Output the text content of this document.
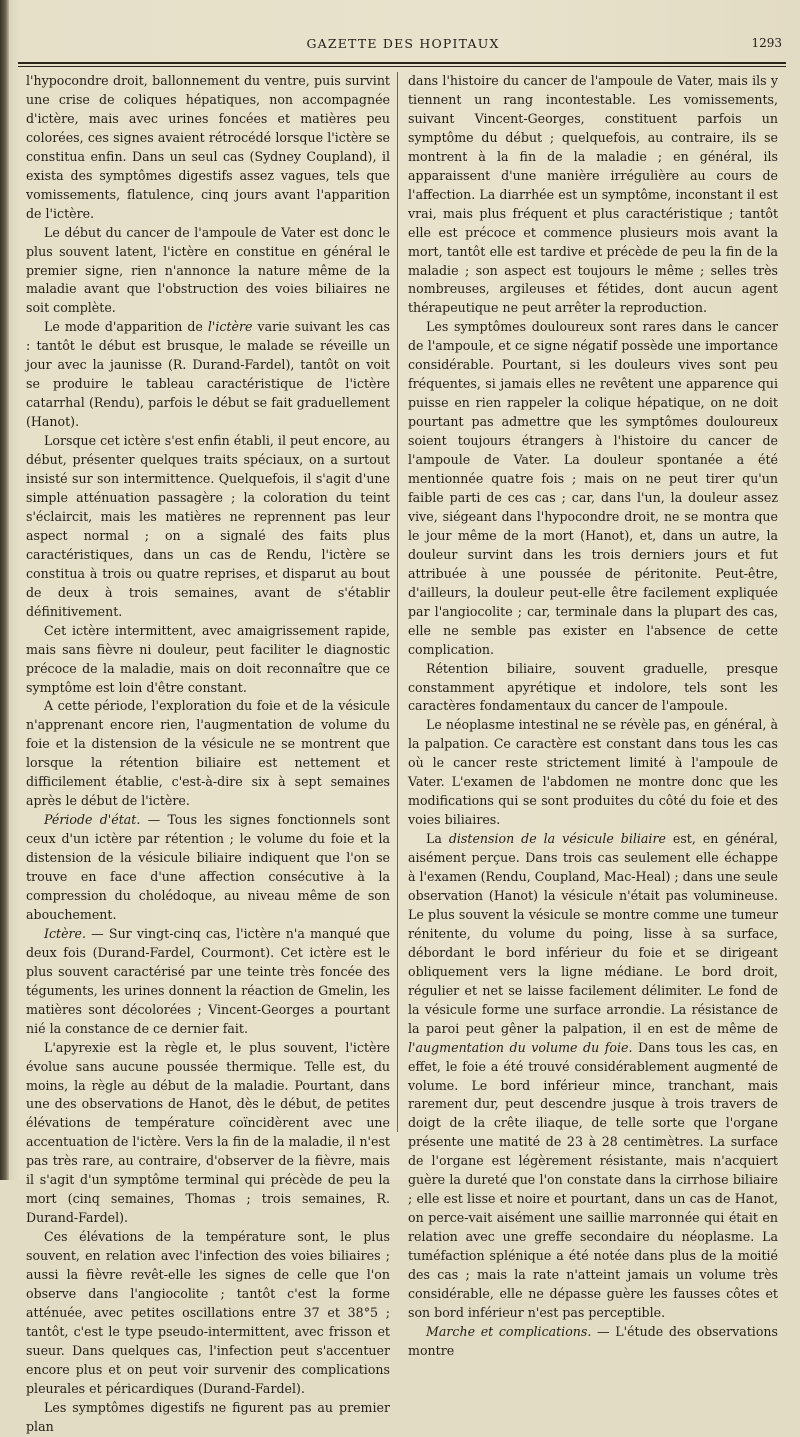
GAZETTE DES HOPITAUX	1293

l'hypocondre droit, ballonnement du ventre, puis survint une crise de coliques hépatiques, non accompagnée d'ictère, mais avec urines foncées et matières peu colorées, ces signes avaient rétrocédé lorsque l'ictère se constitua enfin. Dans un seul cas (Sydney Coupland), il exista des symptômes digestifs assez vagues, tels que vomissements, flatulence, cinq jours avant l'apparition de l'ictère.

Le début du cancer de l'ampoule de Vater est donc le plus souvent latent, l'ictère en constitue en général le premier signe, rien n'annonce la nature même de la maladie avant que l'obstruction des voies biliaires ne soit complète.

Le mode d'apparition de l'ictère varie suivant les cas : tantôt le début est brusque, le malade se réveille un jour avec la jaunisse (R. Durand-Fardel), tantôt on voit se produire le tableau caractéristique de l'ictère catarrhal (Rendu), parfois le début se fait graduellement (Hanot).

Lorsque cet ictère s'est enfin établi, il peut encore, au début, présenter quelques traits spéciaux, on a surtout insisté sur son intermittence. Quelquefois, il s'agit d'une simple atténuation passagère ; la coloration du teint s'éclaircit, mais les matières ne reprennent pas leur aspect normal ; on a signalé des faits plus caractéristiques, dans un cas de Rendu, l'ictère se constitua à trois ou quatre reprises, et disparut au bout de deux à trois semaines, avant de s'établir définitivement.

Cet ictère intermittent, avec amaigrissement rapide, mais sans fièvre ni douleur, peut faciliter le diagnostic précoce de la maladie, mais on doit reconnaître que ce symptôme est loin d'être constant.

A cette période, l'exploration du foie et de la vésicule n'apprenant encore rien, l'augmentation de volume du foie et la distension de la vésicule ne se montrent que lorsque la rétention biliaire est nettement et difficilement établie, c'est-à-dire six à sept semaines après le début de l'ictère.

Période d'état. — Tous les signes fonctionnels sont ceux d'un ictère par rétention ; le volume du foie et la distension de la vésicule biliaire indiquent que l'on se trouve en face d'une affection consécutive à la compression du cholédoque, au niveau même de son abouchement.

Ictère. — Sur vingt-cinq cas, l'ictère n'a manqué que deux fois (Durand-Fardel, Courmont). Cet ictère est le plus souvent caractérisé par une teinte très foncée des téguments, les urines donnent la réaction de Gmelin, les matières sont décolorées ; Vincent-Georges a pourtant nié la constance de ce dernier fait.

L'apyrexie est la règle et, le plus souvent, l'ictère évolue sans aucune poussée thermique. Telle est, du moins, la règle au début de la maladie. Pourtant, dans une des observations de Hanot, dès le début, de petites élévations de température coïncidèrent avec une accentuation de l'ictère. Vers la fin de la maladie, il n'est pas très rare, au contraire, d'observer de la fièvre, mais il s'agit d'un symptôme terminal qui précède de peu la mort (cinq semaines, Thomas ; trois semaines, R. Durand-Fardel).

Ces élévations de la température sont, le plus souvent, en relation avec l'infection des voies biliaires ; aussi la fièvre revêt-elle les signes de celle que l'on observe dans l'angiocolite ; tantôt c'est la forme atténuée, avec petites oscillations entre 37 et 38°5 ; tantôt, c'est le type pseudo-intermittent, avec frisson et sueur. Dans quelques cas, l'infection peut s'accentuer encore plus et on peut voir survenir des complications pleurales et péricardiques (Durand-Fardel).

Les symptômes digestifs ne figurent pas au premier plan

dans l'histoire du cancer de l'ampoule de Vater, mais ils y tiennent un rang incontestable. Les vomissements, suivant Vincent-Georges, constituent parfois un symptôme du début ; quelquefois, au contraire, ils se montrent à la fin de la maladie ; en général, ils apparaissent d'une manière irrégulière au cours de l'affection. La diarrhée est un symptôme, inconstant il est vrai, mais plus fréquent et plus caractéristique ; tantôt elle est précoce et commence plusieurs mois avant la mort, tantôt elle est tardive et précède de peu la fin de la maladie ; son aspect est toujours le même ; selles très nombreuses, argileuses et fétides, dont aucun agent thérapeutique ne peut arrêter la reproduction.

Les symptômes douloureux sont rares dans le cancer de l'ampoule, et ce signe négatif possède une importance considérable. Pourtant, si les douleurs vives sont peu fréquentes, si jamais elles ne revêtent une apparence qui puisse en rien rappeler la colique hépatique, on ne doit pourtant pas admettre que les symptômes douloureux soient toujours étrangers à l'histoire du cancer de l'ampoule de Vater. La douleur spontanée a été mentionnée quatre fois ; mais on ne peut tirer qu'un faible parti de ces cas ; car, dans l'un, la douleur assez vive, siégeant dans l'hypocondre droit, ne se montra que le jour même de la mort (Hanot), et, dans un autre, la douleur survint dans les trois derniers jours et fut attribuée à une poussée de péritonite. Peut-être, d'ailleurs, la douleur peut-elle être facilement expliquée par l'angiocolite ; car, terminale dans la plupart des cas, elle ne semble pas exister en l'absence de cette complication.

Rétention biliaire, souvent graduelle, presque constamment apyrétique et indolore, tels sont les caractères fondamentaux du cancer de l'ampoule.

Le néoplasme intestinal ne se révèle pas, en général, à la palpation. Ce caractère est constant dans tous les cas où le cancer reste strictement limité à l'ampoule de Vater. L'examen de l'abdomen ne montre donc que les modifications qui se sont produites du côté du foie et des voies biliaires.

La distension de la vésicule biliaire est, en général, aisément perçue. Dans trois cas seulement elle échappe à l'examen (Rendu, Coupland, Mac-Heal) ; dans une seule observation (Hanot) la vésicule n'était pas volumineuse. Le plus souvent la vésicule se montre comme une tumeur rénitente, du volume du poing, lisse à sa surface, débordant le bord inférieur du foie et se dirigeant obliquement vers la ligne médiane. Le bord droit, régulier et net se laisse facilement délimiter. Le fond de la vésicule forme une surface arrondie. La résistance de la paroi peut gêner la palpation, il en est de même de l'augmentation du volume du foie. Dans tous les cas, en effet, le foie a été trouvé considérablement augmenté de volume. Le bord inférieur mince, tranchant, mais rarement dur, peut descendre jusque à trois travers de doigt de la crête iliaque, de telle sorte que l'organe présente une matité de 23 à 28 centimètres. La surface de l'organe est légèrement résistante, mais n'acquiert guère la dureté que l'on constate dans la cirrhose biliaire ; elle est lisse et noire et pourtant, dans un cas de Hanot, on perce-vait aisément une saillie marronnée qui était en relation avec une greffe secondaire du néoplasme. La tuméfaction splénique a été notée dans plus de la moitié des cas ; mais la rate n'atteint jamais un volume très considérable, elle ne dépasse guère les fausses côtes et son bord inférieur n'est pas perceptible.

Marche et complications. — L'étude des observations montre
